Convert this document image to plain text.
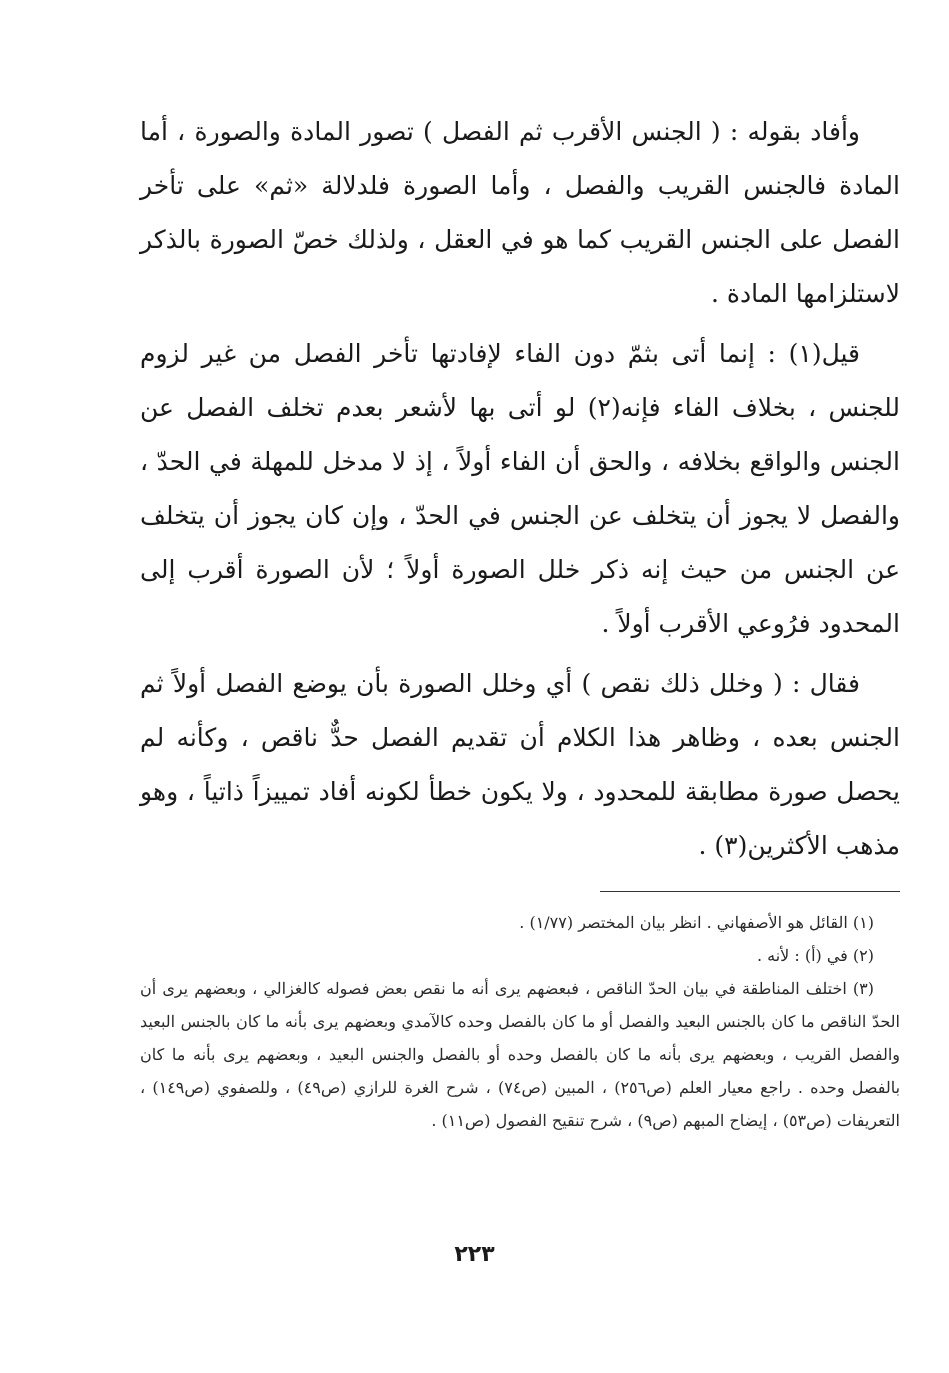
وأفاد بقوله : ( الجنس الأقرب ثم الفصل ) تصور المادة والصورة ، أما المادة فالجنس القريب والفصل ، وأما الصورة فلدلالة «ثم» على تأخر الفصل على الجنس القريب كما هو في العقل ، ولذلك خصّ الصورة بالذكر لاستلزامها المادة .

قيل(١) : إنما أتى بثمّ دون الفاء لإفادتها تأخر الفصل من غير لزوم للجنس ، بخلاف الفاء فإنه(٢) لو أتى بها لأشعر بعدم تخلف الفصل عن الجنس والواقع بخلافه ، والحق أن الفاء أولاً ، إذ لا مدخل للمهلة في الحدّ ، والفصل لا يجوز أن يتخلف عن الجنس في الحدّ ، وإن كان يجوز أن يتخلف عن الجنس من حيث إنه ذكر خلل الصورة أولاً ؛ لأن الصورة أقرب إلى المحدود فرُوعي الأقرب أولاً .

فقال : ( وخلل ذلك نقص ) أي وخلل الصورة بأن يوضع الفصل أولاً ثم الجنس بعده ، وظاهر هذا الكلام أن تقديم الفصل حدٌّ ناقص ، وكأنه لم يحصل صورة مطابقة للمحدود ، ولا يكون خطأ لكونه أفاد تمييزاً ذاتياً ، وهو مذهب الأكثرين(٣) .

(١) القائل هو الأصفهاني . انظر بيان المختصر (١/٧٧) .

(٢) في (أ) : لأنه .

(٣) اختلف المناطقة في بيان الحدّ الناقص ، فبعضهم يرى أنه ما نقص بعض فصوله كالغزالي ، وبعضهم يرى أن الحدّ الناقص ما كان بالجنس البعيد والفصل أو ما كان بالفصل وحده كالآمدي وبعضهم يرى بأنه ما كان بالجنس البعيد والفصل القريب ، وبعضهم يرى بأنه ما كان بالفصل وحده أو بالفصل والجنس البعيد ، وبعضهم يرى بأنه ما كان بالفصل وحده . راجع معيار العلم (ص٢٥٦) ، المبين (ص٧٤) ، شرح الغرة للرازي (ص٤٩) ، وللصفوي (ص١٤٩) ، التعريفات (ص٥٣) ، إيضاح المبهم (ص٩) ، شرح تنقيح الفصول (ص١١) .

٢٢٣
